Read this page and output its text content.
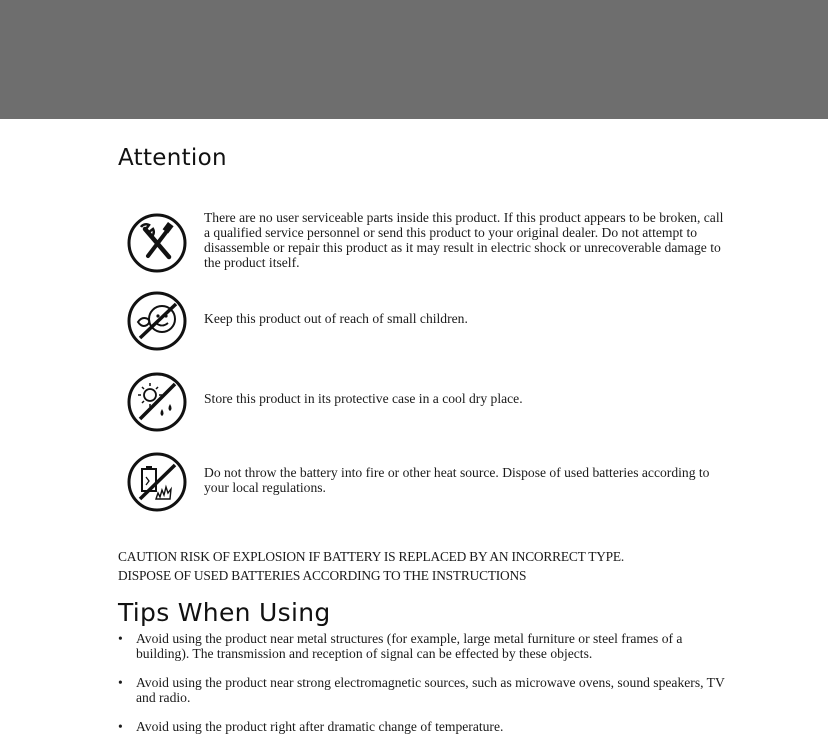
Attention

There are no user serviceable parts inside this product. If this product appears to be broken, call a qualified service personnel or send this product to your original dealer. Do not attempt to disassemble or repair this product as it may result in electric shock or unrecoverable damage to the product itself.

Keep this product out of reach of small children.

Store this product in its protective case in a cool dry place.

Do not throw the battery into fire or other heat source. Dispose of used batteries according to your local regulations.

CAUTION RISK OF EXPLOSION IF BATTERY IS REPLACED BY AN INCORRECT TYPE.
DISPOSE OF USED BATTERIES ACCORDING TO THE INSTRUCTIONS
Tips When Using
• Avoid using the product near metal structures (for example, large metal furniture or steel frames of a building). The transmission and reception of signal can be effected by these objects.
• Avoid using the product near strong electromagnetic sources, such as microwave ovens, sound speakers, TV and radio.
• Avoid using the product right after dramatic change of temperature.
